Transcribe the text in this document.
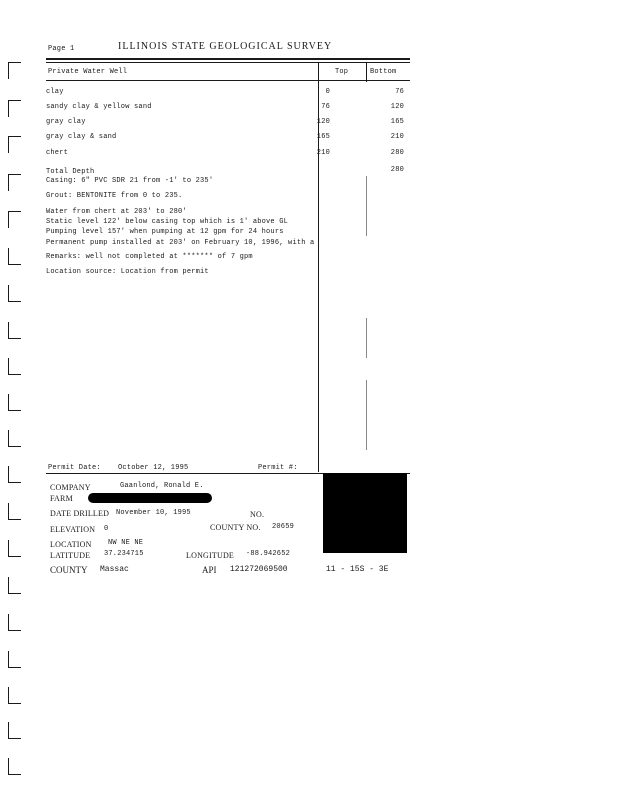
Page 1	ILLINOIS STATE GEOLOGICAL SURVEY
Private Water Well	Top	Bottom
clay	0	76
sandy clay & yellow sand	76	120
gray clay	120	165
gray clay & sand	165	210
chert	210	280
Total Depth	280
Casing: 6" PVC SDR 21 from -1' to 235'
Grout: BENTONITE from 0 to 235.
Water from chert at 203' to 280'
Static level 122' below casing top which is 1' above GL
Pumping level 157' when pumping at 12 gpm for 24 hours
Permanent pump installed at 203' on February 10, 1996, with a
Remarks: well not completed at ******* of 7 gpm
Location source: Location from permit
Permit Date: October 12, 1995	Permit #:
COMPANY	Gaanlond, Ronald E.
FARM
DATE DRILLED November 10, 1995	NO.
ELEVATION 0	COUNTY NO. 20659
LOCATION NW NE NE
LATITUDE 37.234715	LONGITUDE -88.942652
COUNTY Massac	API 121272069500	11 - 15S - 3E
